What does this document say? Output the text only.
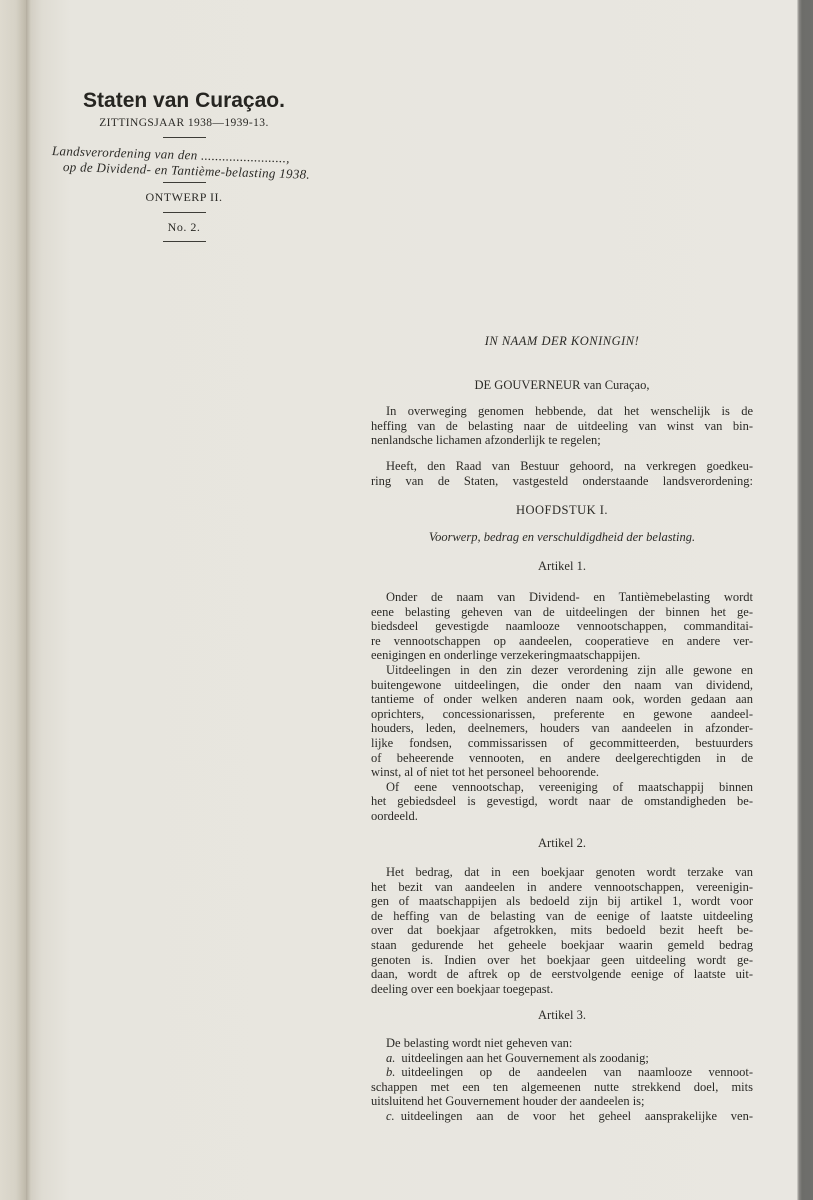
Staten van Curaçao.
ZITTINGSJAAR 1938—1939-13.
Landsverordening van den ........................,
op de Dividend- en Tantième-belasting 1938.
ONTWERP II.
No. 2.
IN NAAM DER KONINGIN!
DE GOUVERNEUR van Curaçao,
In overweging genomen hebbende, dat het wenschelijk is de
heffing van de belasting naar de uitdeeling van winst van bin-
nenlandsche lichamen afzonderlijk te regelen;
Heeft, den Raad van Bestuur gehoord, na verkregen goedkeu-
ring van de Staten, vastgesteld onderstaande landsverordening:
HOOFDSTUK I.
Voorwerp, bedrag en verschuldigdheid der belasting.
Artikel 1.
Onder de naam van Dividend- en Tantièmebelasting wordt
eene belasting geheven van de uitdeelingen der binnen het ge-
biedsdeel gevestigde naamlooze vennootschappen, commanditai-
re vennootschappen op aandeelen, cooperatieve en andere ver-
eenigingen en onderlinge verzekeringmaatschappijen.
Uitdeelingen in den zin dezer verordening zijn alle gewone en
buitengewone uitdeelingen, die onder den naam van dividend,
tantieme of onder welken anderen naam ook, worden gedaan aan
oprichters, concessionarissen, preferente en gewone aandeel-
houders, leden, deelnemers, houders van aandeelen in afzonder-
lijke fondsen, commissarissen of gecommitteerden, bestuurders
of beheerende vennooten, en andere deelgerechtigden in de
winst, al of niet tot het personeel behoorende.
Of eene vennootschap, vereeniging of maatschappij binnen
het gebiedsdeel is gevestigd, wordt naar de omstandigheden be-
oordeeld.
Artikel 2.
Het bedrag, dat in een boekjaar genoten wordt terzake van
het bezit van aandeelen in andere vennootschappen, vereenigin-
gen of maatschappijen als bedoeld zijn bij artikel 1, wordt voor
de heffing van de belasting van de eenige of laatste uitdeeling
over dat boekjaar afgetrokken, mits bedoeld bezit heeft be-
staan gedurende het geheele boekjaar waarin gemeld bedrag
genoten is. Indien over het boekjaar geen uitdeeling wordt ge-
daan, wordt de aftrek op de eerstvolgende eenige of laatste uit-
deeling over een boekjaar toegepast.
Artikel 3.
De belasting wordt niet geheven van:
a. uitdeelingen aan het Gouvernement als zoodanig;
b. uitdeelingen op de aandeelen van naamlooze vennoot-
schappen met een ten algemeenen nutte strekkend doel, mits
uitsluitend het Gouvernement houder der aandeelen is;
c. uitdeelingen aan de voor het geheel aansprakelijke ven-
